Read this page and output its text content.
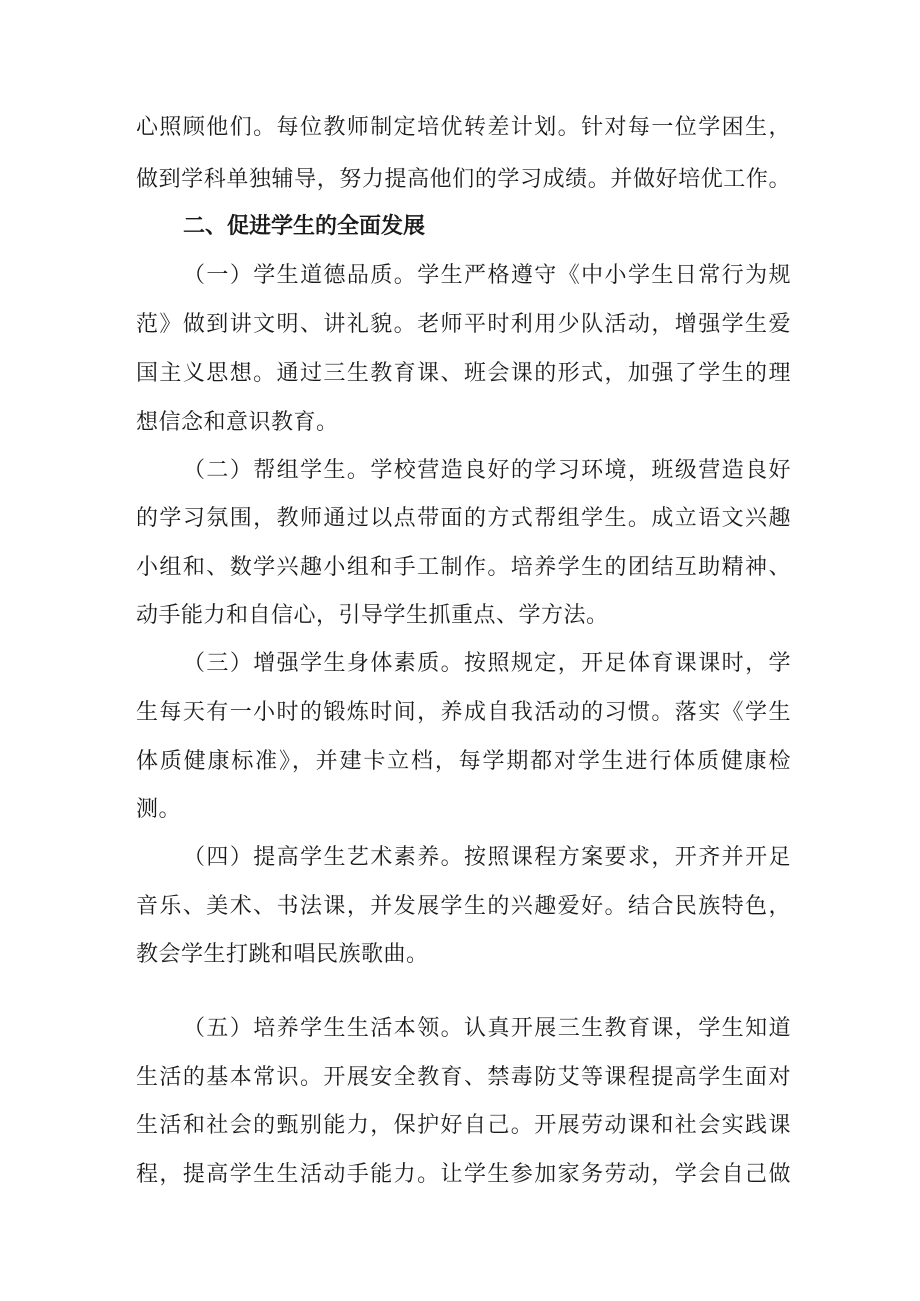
心照顾他们。每位教师制定培优转差计划。针对每一位学困生，
做到学科单独辅导，努力提高他们的学习成绩。并做好培优工作。
二、促进学生的全面发展
（一）学生道德品质。学生严格遵守《中小学生日常行为规
范》做到讲文明、讲礼貌。老师平时利用少队活动，增强学生爱
国主义思想。通过三生教育课、班会课的形式，加强了学生的理
想信念和意识教育。
（二）帮组学生。学校营造良好的学习环境，班级营造良好
的学习氛围，教师通过以点带面的方式帮组学生。成立语文兴趣
小组和、数学兴趣小组和手工制作。培养学生的团结互助精神、
动手能力和自信心，引导学生抓重点、学方法。
（三）增强学生身体素质。按照规定，开足体育课课时，学
生每天有一小时的锻炼时间，养成自我活动的习惯。落实《学生
体质健康标准》，并建卡立档，每学期都对学生进行体质健康检
测。
（四）提高学生艺术素养。按照课程方案要求，开齐并开足
音乐、美术、书法课，并发展学生的兴趣爱好。结合民族特色，
教会学生打跳和唱民族歌曲。
（五）培养学生生活本领。认真开展三生教育课，学生知道
生活的基本常识。开展安全教育、禁毒防艾等课程提高学生面对
生活和社会的甄别能力，保护好自己。开展劳动课和社会实践课
程，提高学生生活动手能力。让学生参加家务劳动，学会自己做
